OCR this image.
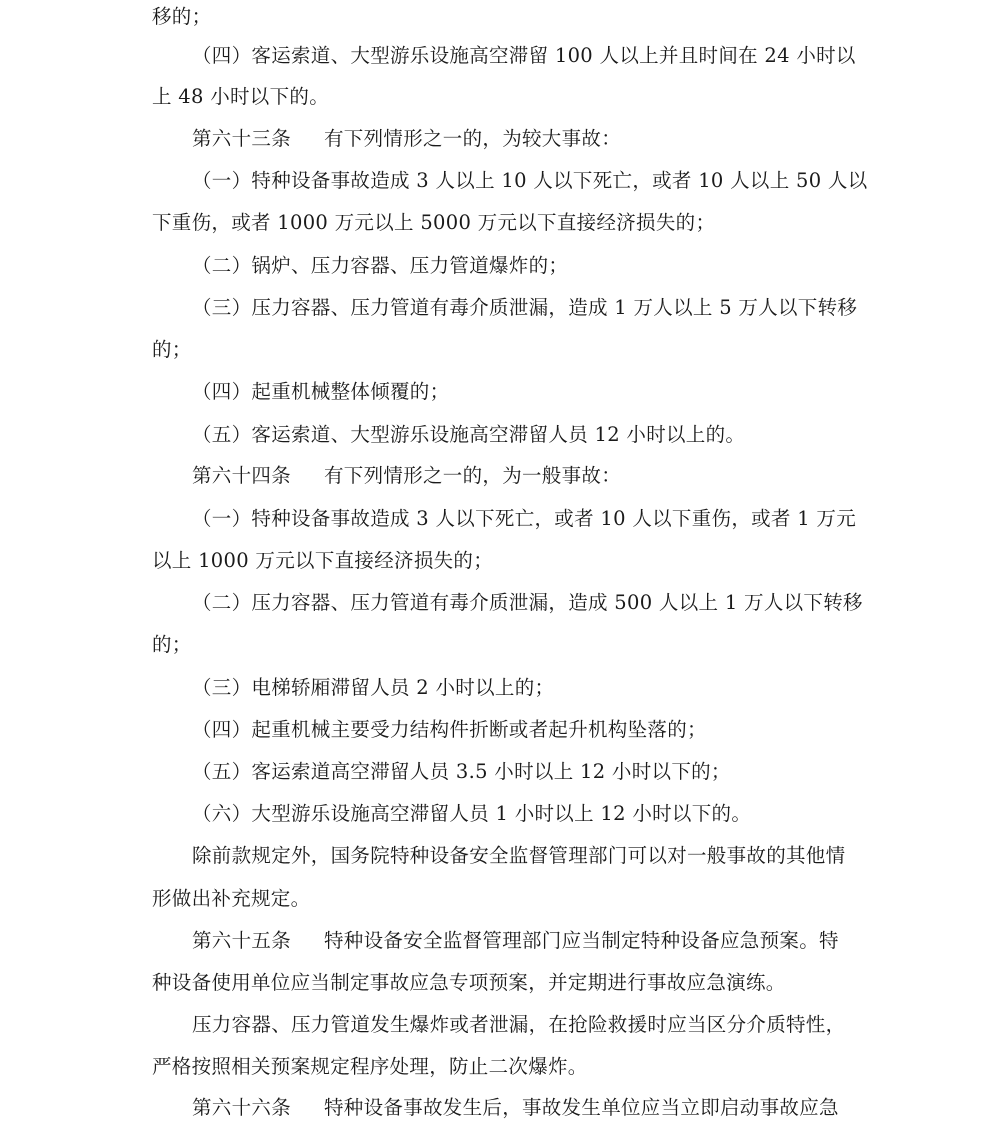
移的；
（四）客运索道、大型游乐设施高空滞留 100 人以上并且时间在 24 小时以
上 48 小时以下的。
第六十三条 有下列情形之一的，为较大事故：
（一）特种设备事故造成 3 人以上 10 人以下死亡，或者 10 人以上 50 人以
下重伤，或者 1000 万元以上 5000 万元以下直接经济损失的；
（二）锅炉、压力容器、压力管道爆炸的；
（三）压力容器、压力管道有毒介质泄漏，造成 1 万人以上 5 万人以下转移
的；
（四）起重机械整体倾覆的；
（五）客运索道、大型游乐设施高空滞留人员 12 小时以上的。
第六十四条 有下列情形之一的，为一般事故：
（一）特种设备事故造成 3 人以下死亡，或者 10 人以下重伤，或者 1 万元
以上 1000 万元以下直接经济损失的；
（二）压力容器、压力管道有毒介质泄漏，造成 500 人以上 1 万人以下转移
的；
（三）电梯轿厢滞留人员 2 小时以上的；
（四）起重机械主要受力结构件折断或者起升机构坠落的；
（五）客运索道高空滞留人员 3.5 小时以上 12 小时以下的；
（六）大型游乐设施高空滞留人员 1 小时以上 12 小时以下的。
除前款规定外，国务院特种设备安全监督管理部门可以对一般事故的其他情
形做出补充规定。
第六十五条 特种设备安全监督管理部门应当制定特种设备应急预案。特
种设备使用单位应当制定事故应急专项预案，并定期进行事故应急演练。
压力容器、压力管道发生爆炸或者泄漏，在抢险救援时应当区分介质特性，
严格按照相关预案规定程序处理，防止二次爆炸。
第六十六条 特种设备事故发生后，事故发生单位应当立即启动事故应急
